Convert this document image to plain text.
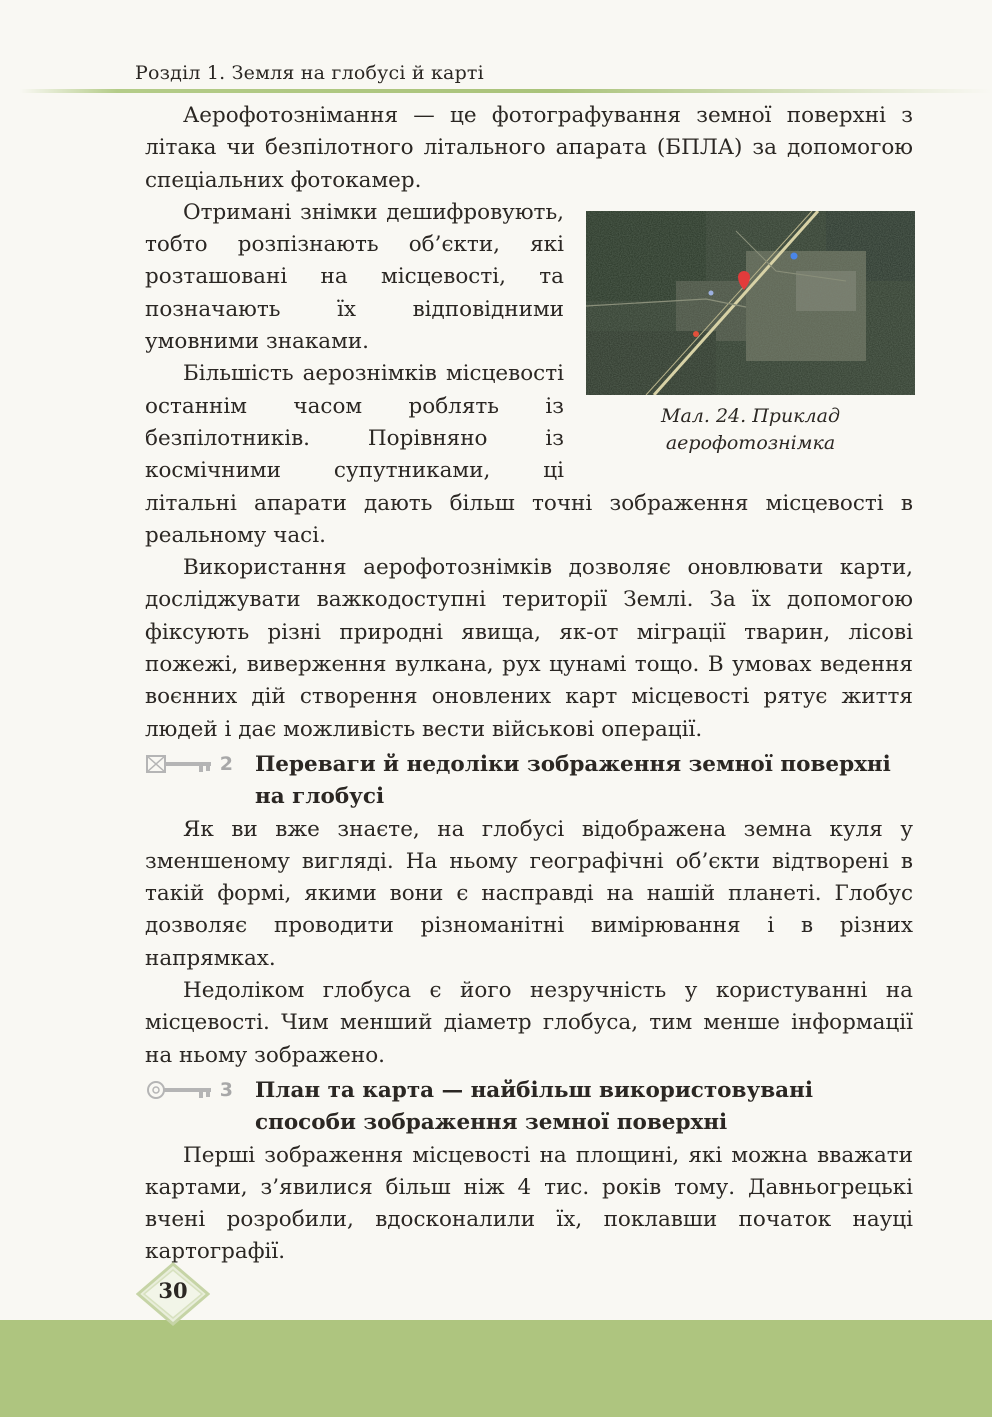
Розділ 1. Земля на глобусі й карті

Аерофотознімання — це фотографування земної поверхні з літака чи безпілотного літального апарата (БПЛА) за допомогою спеціальних фотокамер.

Мал. 24. Приклад
аерофотознімка

Отримані знімки дешифровують, тобто розпізнають об’єкти, які розташовані на місцевості, та позначають їх відповідними умовними знаками.

Більшість аерознімків місцевості останнім часом роблять із безпілотників. Порівняно із космічними супутниками, ці літальні апарати дають більш точні зображення місцевості в реальному часі.

Використання аерофотознімків дозволяє оновлювати карти, досліджувати важкодоступні території Землі. За їх допомогою фіксують різні природні явища, як-от міграції тварин, лісові пожежі, виверження вулкана, рух цунамі тощо. В умовах ведення воєнних дій створення оновлених карт місцевості рятує життя людей і дає можливість вести військові операції.

2 Переваги й недоліки зображення земної поверхні на глобусі

Як ви вже знаєте, на глобусі відображена земна куля у зменшеному вигляді. На ньому географічні об’єкти відтворені в такій формі, якими вони є насправді на нашій планеті. Глобус дозволяє проводити різноманітні вимірювання і в різних напрямках.

Недоліком глобуса є його незручність у користуванні на місцевості. Чим менший діаметр глобуса, тим менше інформації на ньому зображено.

3 План та карта — найбільш використовувані способи зображення земної поверхні

Перші зображення місцевості на площині, які можна вважати картами, з’явилися більш ніж 4 тис. років тому. Давньогрецькі вчені розробили, вдосконалили їх, поклавши початок науці картографії.

30
